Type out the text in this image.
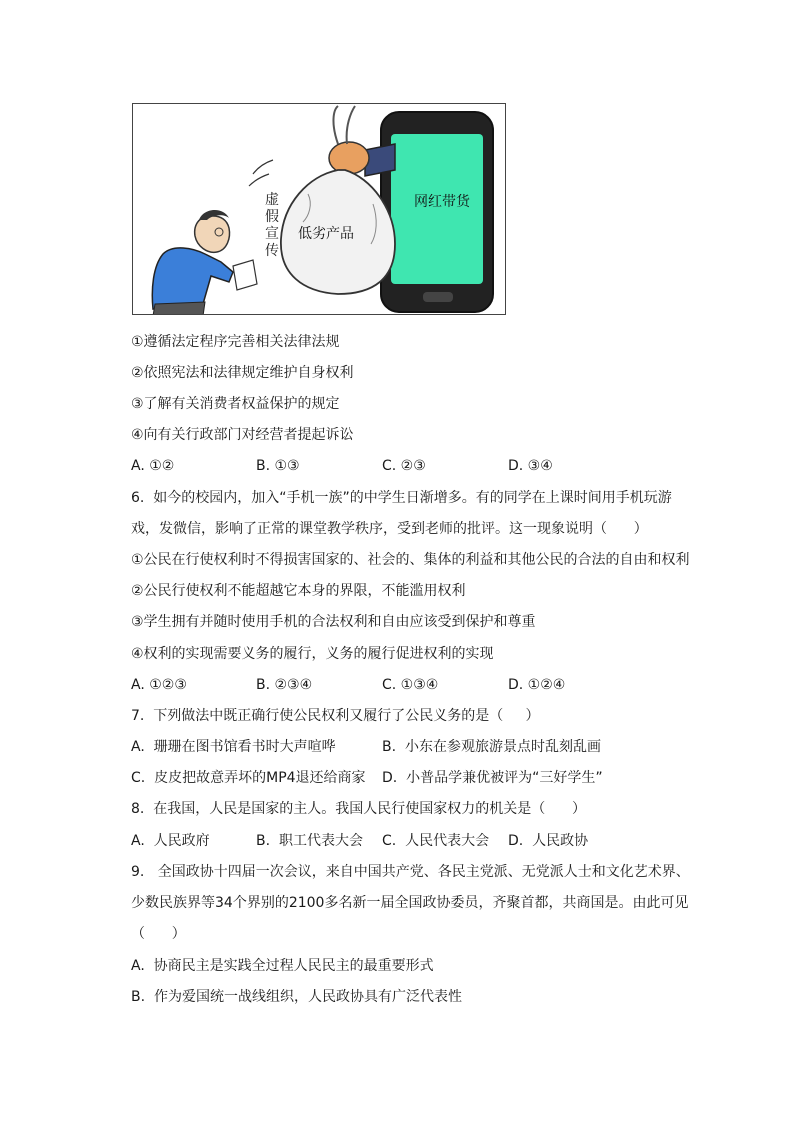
虚
假
宣
传
低劣产品
网红带货
①遵循法定程序完善相关法律法规
②依照宪法和法律规定维护自身权利
③了解有关消费者权益保护的规定
④向有关行政部门对经营者提起诉讼
A. ①②	B. ①③	C. ②③	D. ③④
6.  如今的校园内，加入“手机一族”的中学生日渐增多。有的同学在上课时间用手机玩游
戏，发微信，影响了正常的课堂教学秩序，受到老师的批评。这一现象说明（      ）
①公民在行使权利时不得损害国家的、社会的、集体的利益和其他公民的合法的自由和权利
②公民行使权利不能超越它本身的界限，不能滥用权利
③学生拥有并随时使用手机的合法权利和自由应该受到保护和尊重
④权利的实现需要义务的履行，义务的履行促进权利的实现
A. ①②③	B. ②③④	C. ①③④	D. ①②④
7.  下列做法中既正确行使公民权利又履行了公民义务的是（     ）
A.  珊珊在图书馆看书时大声喧哗	B.  小东在参观旅游景点时乱刻乱画
C.  皮皮把故意弄坏的MP4退还给商家 D.  小普品学兼优被评为“三好学生”
8.  在我国，人民是国家的主人。我国人民行使国家权力的机关是（      ）
A.  人民政府	B.  职工代表大会 C.  人民代表大会 D.  人民政协
9.   全国政协十四届一次会议，来自中国共产党、各民主党派、无党派人士和文化艺术界、
少数民族界等34个界别的2100多名新一届全国政协委员，齐聚首都，共商国是。由此可见
（      ）
A.  协商民主是实践全过程人民民主的最重要形式
B.  作为爱国统一战线组织，人民政协具有广泛代表性
